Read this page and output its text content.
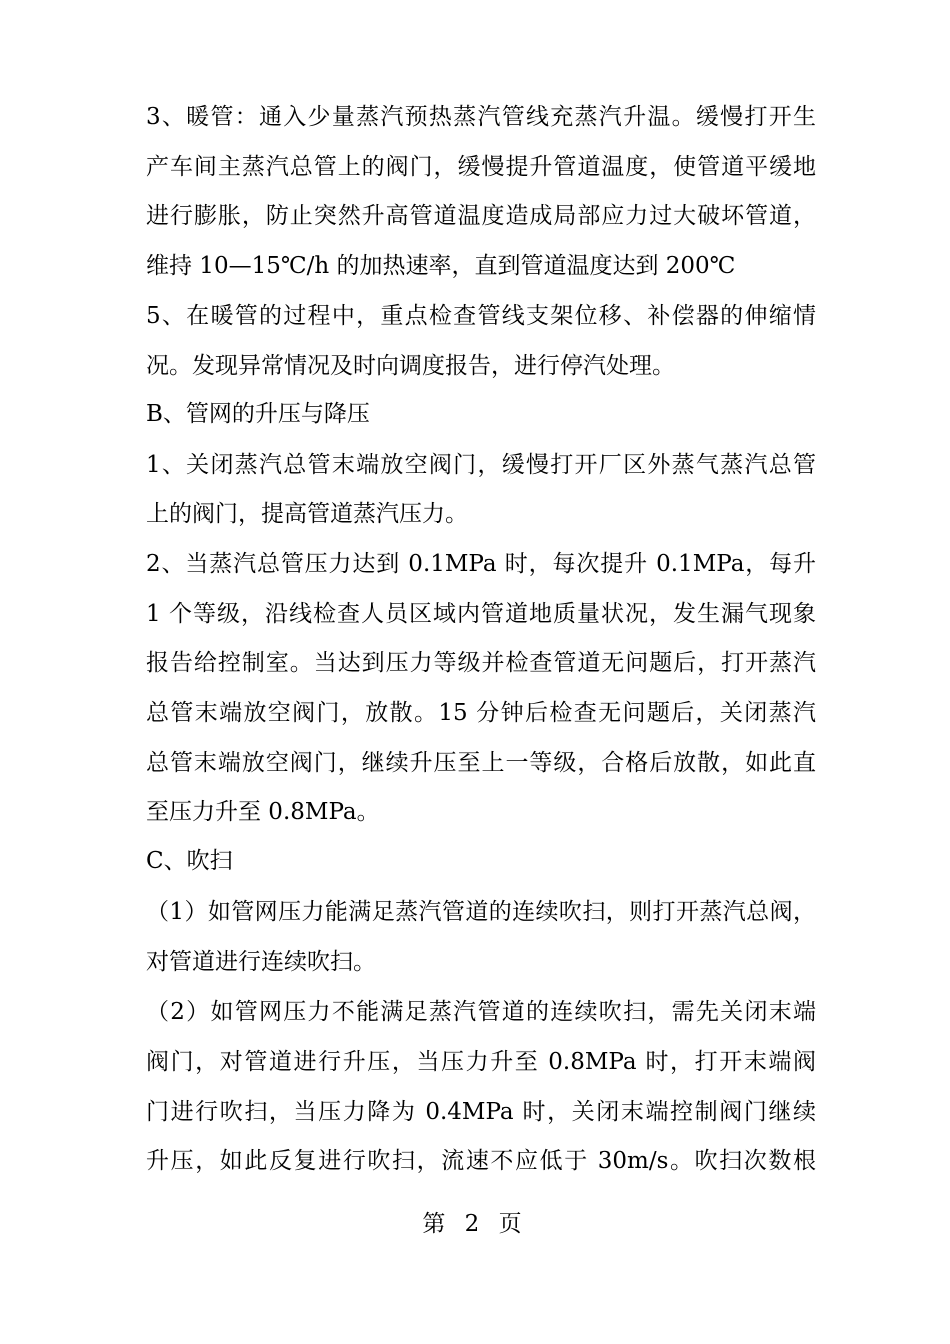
3、暖管：通入少量蒸汽预热蒸汽管线充蒸汽升温。缓慢打开生
产车间主蒸汽总管上的阀门，缓慢提升管道温度，使管道平缓地
进行膨胀，防止突然升高管道温度造成局部应力过大破坏管道，
维持 10—15℃/h 的加热速率，直到管道温度达到 200℃
5、在暖管的过程中，重点检查管线支架位移、补偿器的伸缩情
况。发现异常情况及时向调度报告，进行停汽处理。
B、管网的升压与降压
1、关闭蒸汽总管末端放空阀门，缓慢打开厂区外蒸气蒸汽总管
上的阀门，提高管道蒸汽压力。
2、当蒸汽总管压力达到 0.1MPa 时，每次提升 0.1MPa，每升
1 个等级，沿线检查人员区域内管道地质量状况，发生漏气现象
报告给控制室。当达到压力等级并检查管道无问题后，打开蒸汽
总管末端放空阀门，放散。15 分钟后检查无问题后，关闭蒸汽
总管末端放空阀门，继续升压至上一等级，合格后放散，如此直
至压力升至 0.8MPa。
C、吹扫
（1）如管网压力能满足蒸汽管道的连续吹扫，则打开蒸汽总阀，
对管道进行连续吹扫。
（2）如管网压力不能满足蒸汽管道的连续吹扫，需先关闭末端
阀门，对管道进行升压，当压力升至 0.8MPa 时，打开末端阀
门进行吹扫，当压力降为 0.4MPa 时，关闭末端控制阀门继续
升压，如此反复进行吹扫，流速不应低于 30m/s。吹扫次数根
第 2 页
